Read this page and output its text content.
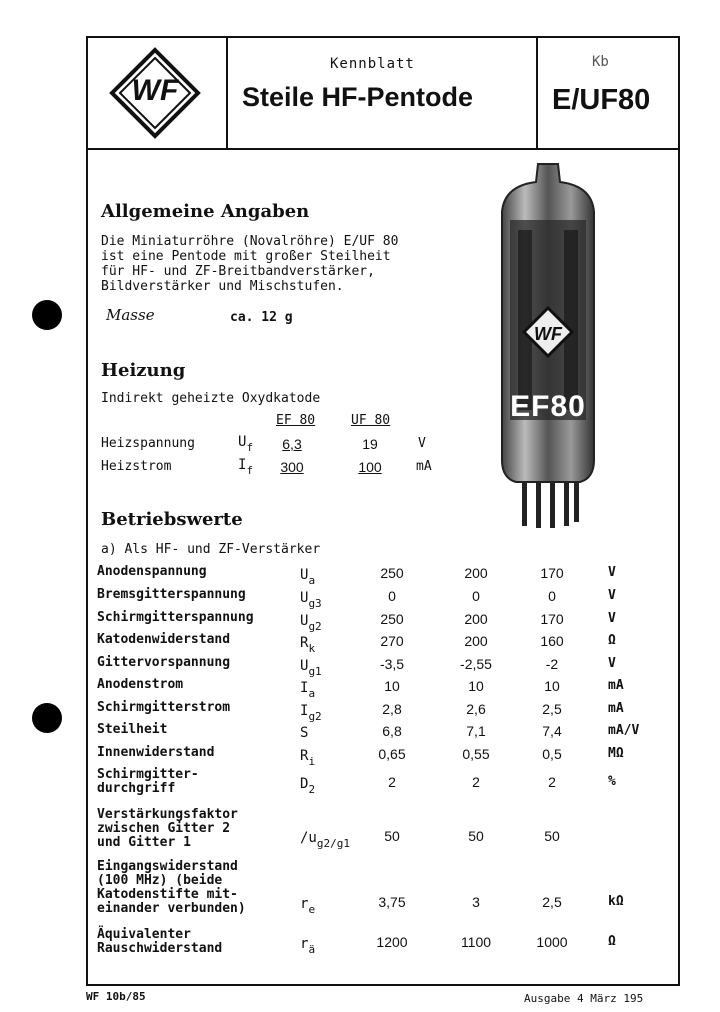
WF
Kennblatt
Steile HF-Pentode
Kb
E/UF80
Allgemeine Angaben
Die Miniaturröhre (Novalröhre) E/UF 80
ist eine Pentode mit großer Steilheit
für HF- und ZF-Breitbandverstärker,
Bildverstärker und Mischstufen.
Masse	ca. 12 g
WF
EF80
Heizung
Indirekt geheizte Oxydkatode
EF 80	UF 80
Heizspannung	$U_f$	6,3	19	V
Heizstrom	$I_f$	300	100	mA
Betriebswerte
a) Als HF- und ZF-Verstärker
Anodenspannung	$U_a$	250	200	170	V
Bremsgitterspannung	$U_{g3}$	0	0	0	V
Schirmgitterspannung	$U_{g2}$	250	200	170	V
Katodenwiderstand	$R_k$	270	200	160	Ω
Gittervorspannung	$U_{g1}$	-3,5	-2,55	-2	V
Anodenstrom	$I_a$	10	10	10	mA
Schirmgitterstrom	$I_{g2}$	2,8	2,6	2,5	mA
Steilheit	S	6,8	7,1	7,4	mA/V
Innenwiderstand	$R_i$	0,65	0,55	0,5	MΩ
Schirmgitter-
durchgriff	$D_2$	2	2	2	%
Verstärkungsfaktor
zwischen Gitter 2
und Gitter 1	$/u_{g2/g1}$	50	50	50
Eingangswiderstand
(100 MHz) (beide
Katodenstifte mit-
einander verbunden)	$r_e$	3,75	3	2,5	kΩ
Äquivalenter
Rauschwiderstand	$r_ä$	1200	1100	1000	Ω
WF 10b/85	Ausgabe 4 März 195
